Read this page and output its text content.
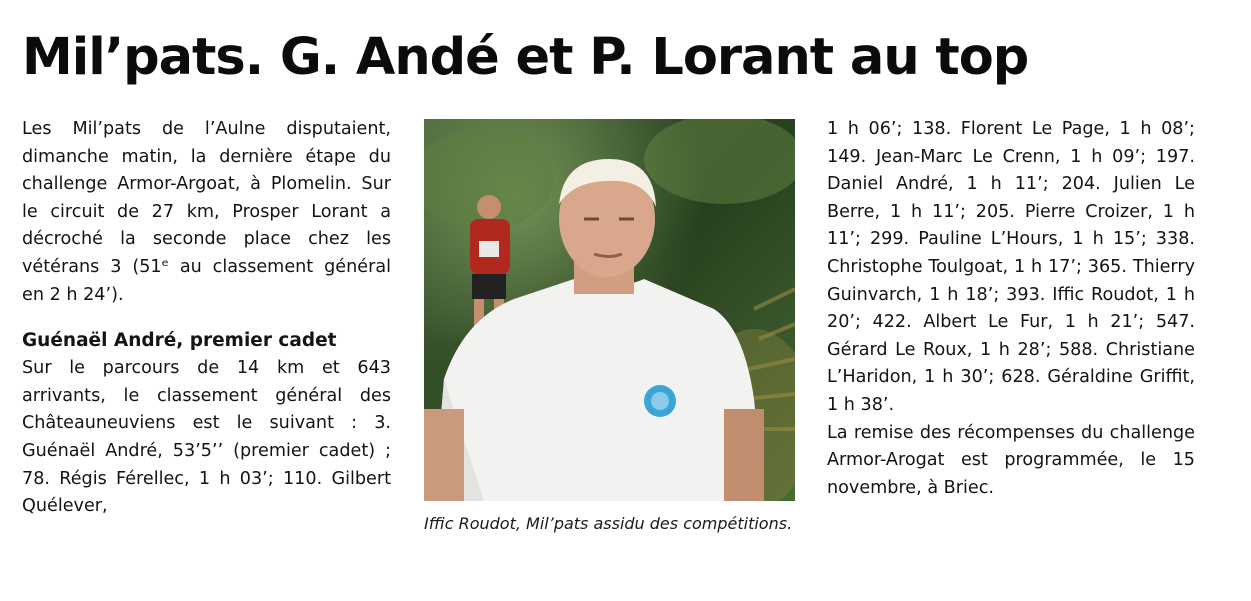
Mil’pats. G. Andé et P. Lorant au top

Les Mil’pats de l’Aulne disputaient, dimanche matin, la dernière étape du challenge Armor-Argoat, à Plomelin. Sur le circuit de 27 km, Prosper Lorant a décroché la seconde place chez les vétérans 3 (51ᵉ au classement général en 2 h 24’).

Guénaël André, premier cadet

Sur le parcours de 14 km et 643 arrivants, le classement général des Châteauneuviens est le suivant : 3. Guénaël André, 53’5’’ (premier cadet) ; 78. Régis Férellec, 1 h 03’; 110. Gilbert Quélever,

Iffic Roudot, Mil’pats assidu des compétitions.

1 h 06’; 138. Florent Le Page, 1 h 08’; 149. Jean-Marc Le Crenn, 1 h 09’; 197. Daniel André, 1 h 11’; 204. Julien Le Berre, 1 h 11’; 205. Pierre Croizer, 1 h 11’; 299. Pauline L’Hours, 1 h 15’; 338. Christophe Toulgoat, 1 h 17’; 365. Thierry Guinvarch, 1 h 18’; 393. Iffic Roudot, 1 h 20’; 422. Albert Le Fur, 1 h 21’; 547. Gérard Le Roux, 1 h 28’; 588. Christiane L’Haridon, 1 h 30’; 628. Géraldine Griffit, 1 h 38’.

La remise des récompenses du challenge Armor-Arogat est programmée, le 15 novembre, à Briec.
